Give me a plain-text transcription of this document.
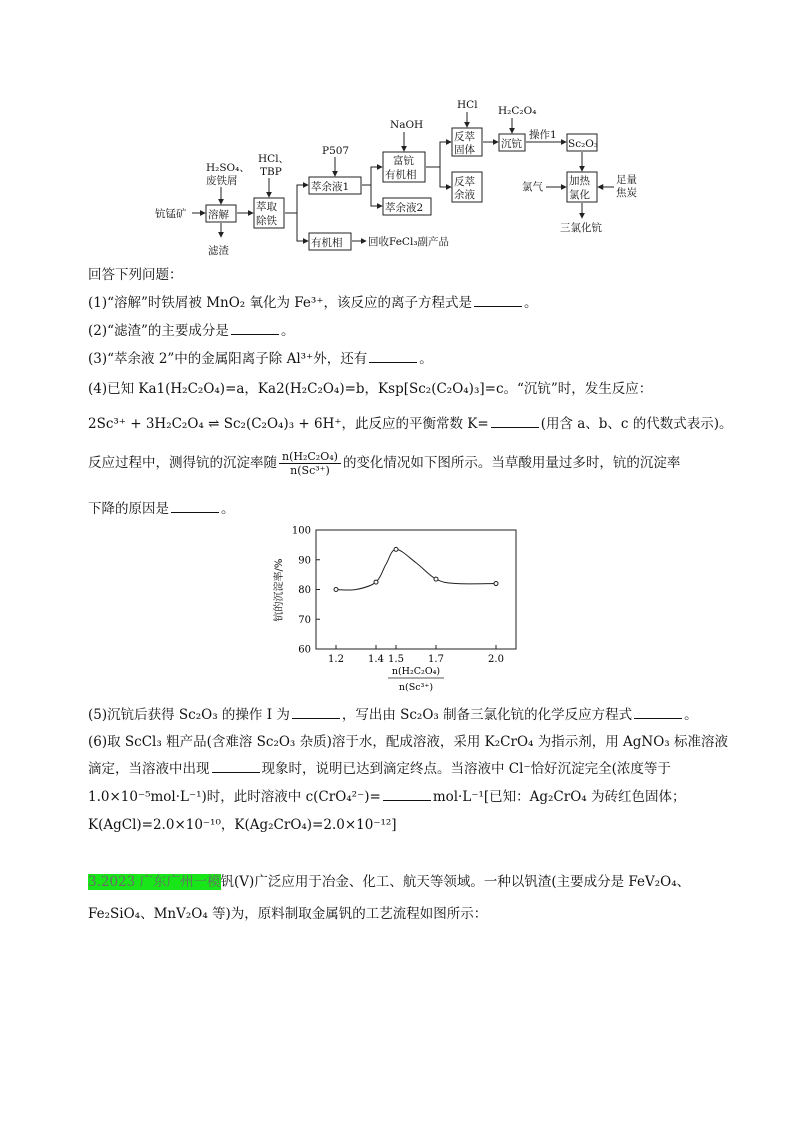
钪锰矿
H₂SO₄、
废铁屑
溶解
滤渣
HCl、
TBP
萃取
除铁
萃余液1
有机相 回收FeCl₃副产品
P507
富钪
有机相
萃余液2
NaOH
反萃
固体
反萃
余液
HCl
沉钪
H₂C₂O₄
操作1
Sc₂O₃
加热
氯化
氯气
足量
焦炭
三氯化钪
回答下列问题：
(1)“溶解”时铁屑被 MnO₂ 氧化为 Fe³⁺，该反应的离子方程式是	。
(2)“滤渣”的主要成分是	。
(3)“萃余液 2”中的金属阳离子除 Al³⁺外，还有	。
(4)已知 Ka1(H₂C₂O₄)=a，Ka2(H₂C₂O₄)=b，Ksp[Sc₂(C₂O₄)₃]=c。“沉钪”时，发生反应：
2Sc³⁺ + 3H₂C₂O₄ ⇌ Sc₂(C₂O₄)₃ + 6H⁺，此反应的平衡常数 K=	(用含 a、b、c 的代数式表示)。
反应过程中，测得钪的沉淀率随 $\frac{\text{n(H₂C₂O₄)}}{\text{n(Sc³⁺)}}$ 的变化情况如下图所示。当草酸用量过多时，钪的沉淀率
下降的原因是	。
钪的沉淀率/%
60
70
80
90
100
1.2 1.4 1.5 1.7	2.0
n(H₂C₂O₄)
n(Sc³⁺)
(5)沉钪后获得 Sc₂O₃ 的操作 I 为	，写出由 Sc₂O₃ 制备三氯化钪的化学反应方程式	。
(6)取 ScCl₃ 粗产品(含难溶 Sc₂O₃ 杂质)溶于水，配成溶液，采用 K₂CrO₄ 为指示剂，用 AgNO₃ 标准溶液
滴定，当溶液中出现	现象时，说明已达到滴定终点。当溶液中 Cl⁻恰好沉淀完全(浓度等于
1.0×10⁻⁵mol·L⁻¹)时，此时溶液中 c(CrO₄²⁻)=	mol·L⁻¹[已知：Ag₂CrO₄ 为砖红色固体；
K(AgCl)=2.0×10⁻¹⁰，K(Ag₂CrO₄)=2.0×10⁻¹²]
3.2023 广东广州一模钒(V)广泛应用于冶金、化工、航天等领域。一种以钒渣(主要成分是 FeV₂O₄、
Fe₂SiO₄、MnV₂O₄ 等)为，原料制取金属钒的工艺流程如图所示：
